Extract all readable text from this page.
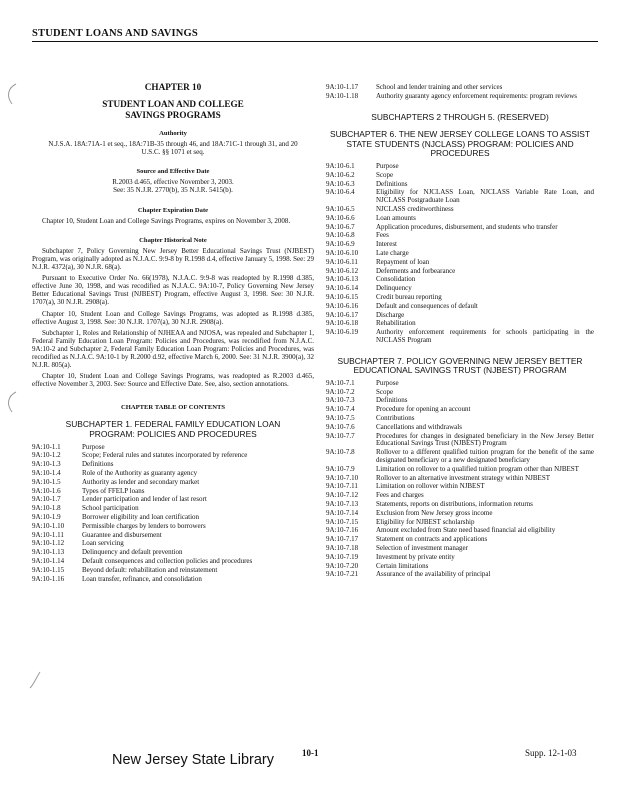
STUDENT LOANS AND SAVINGS
CHAPTER 10
STUDENT LOAN AND COLLEGE SAVINGS PROGRAMS
Authority

N.J.S.A. 18A:71A-1 et seq., 18A:71B-35 through 46, and 18A:71C-1 through 31, and 20 U.S.C. §§ 1071 et seq.

Source and Effective Date

R.2003 d.465, effective November 3, 2003.

See: 35 N.J.R. 2770(b), 35 N.J.R. 5415(b).

Chapter Expiration Date

Chapter 10, Student Loan and College Savings Programs, expires on November 3, 2008.

Chapter Historical Note

Subchapter 7, Policy Governing New Jersey Better Educational Savings Trust (NJBEST) Program, was originally adopted as N.J.A.C. 9:9-8 by R.1998 d.4, effective January 5, 1998. See: 29 N.J.R. 4372(a), 30 N.J.R. 68(a).

Pursuant to Executive Order No. 66(1978), N.J.A.C. 9:9-8 was readopted by R.1998 d.385, effective June 30, 1998, and was recodified as N.J.A.C. 9A:10-7, Policy Governing New Jersey Better Educational Savings Trust (NJBEST) Program, effective August 3, 1998. See: 30 N.J.R. 1707(a), 30 N.J.R. 2908(a).

Chapter 10, Student Loan and College Savings Programs, was adopted as R.1998 d.385, effective August 3, 1998. See: 30 N.J.R. 1707(a), 30 N.J.R. 2908(a).

Subchapter 1, Roles and Relationship of NJHEAA and NJOSA, was repealed and Subchapter 1, Federal Family Education Loan Program: Policies and Procedures, was recodified from N.J.A.C. 9A:10-2 and Subchapter 2, Federal Family Education Loan Program: Policies and Procedures, was recodified as N.J.A.C. 9A:10-1 by R.2000 d.92, effective March 6, 2000. See: 31 N.J.R. 3900(a), 32 N.J.R. 805(a).

Chapter 10, Student Loan and College Savings Programs, was readopted as R.2003 d.465, effective November 3, 2003. See: Source and Effective Date. See, also, section annotations.

CHAPTER TABLE OF CONTENTS
SUBCHAPTER 1. FEDERAL FAMILY EDUCATION LOAN PROGRAM: POLICIES AND PROCEDURES
9A:10-1.1	Purpose
9A:10-1.2	Scope; Federal rules and statutes incorporated by reference
9A:10-1.3	Definitions
9A:10-1.4	Role of the Authority as guaranty agency
9A:10-1.5	Authority as lender and secondary market
9A:10-1.6	Types of FFELP loans
9A:10-1.7	Lender participation and lender of last resort
9A:10-1.8	School participation
9A:10-1.9	Borrower eligibility and loan certification
9A:10-1.10	Permissible charges by lenders to borrowers
9A:10-1.11	Guarantee and disbursement
9A:10-1.12	Loan servicing
9A:10-1.13	Delinquency and default prevention
9A:10-1.14	Default consequences and collection policies and procedures
9A:10-1.15	Beyond default: rehabilitation and reinstatement
9A:10-1.16	Loan transfer, refinance, and consolidation
9A:10-1.17	School and lender training and other services
9A:10-1.18	Authority guaranty agency enforcement requirements: program reviews
SUBCHAPTERS 2 THROUGH 5. (RESERVED)
SUBCHAPTER 6. THE NEW JERSEY COLLEGE LOANS TO ASSIST STATE STUDENTS (NJCLASS) PROGRAM: POLICIES AND PROCEDURES
9A:10-6.1	Purpose
9A:10-6.2	Scope
9A:10-6.3	Definitions
9A:10-6.4	Eligibility for NJCLASS Loan, NJCLASS Variable Rate Loan, and NJCLASS Postgraduate Loan
9A:10-6.5	NJCLASS creditworthiness
9A:10-6.6	Loan amounts
9A:10-6.7	Application procedures, disbursement, and students who transfer
9A:10-6.8	Fees
9A:10-6.9	Interest
9A:10-6.10	Late charge
9A:10-6.11	Repayment of loan
9A:10-6.12	Deferments and forbearance
9A:10-6.13	Consolidation
9A:10-6.14	Delinquency
9A:10-6.15	Credit bureau reporting
9A:10-6.16	Default and consequences of default
9A:10-6.17	Discharge
9A:10-6.18	Rehabilitation
9A:10-6.19	Authority enforcement requirements for schools participating in the NJCLASS Program
SUBCHAPTER 7. POLICY GOVERNING NEW JERSEY BETTER EDUCATIONAL SAVINGS TRUST (NJBEST) PROGRAM
9A:10-7.1	Purpose
9A:10-7.2	Scope
9A:10-7.3	Definitions
9A:10-7.4	Procedure for opening an account
9A:10-7.5	Contributions
9A:10-7.6	Cancellations and withdrawals
9A:10-7.7	Procedures for changes in designated beneficiary in the New Jersey Better Educational Savings Trust (NJBEST) Program
9A:10-7.8	Rollover to a different qualified tuition program for the benefit of the same designated beneficiary or a new designated beneficiary
9A:10-7.9	Limitation on rollover to a qualified tuition program other than NJBEST
9A:10-7.10	Rollover to an alternative investment strategy within NJBEST
9A:10-7.11	Limitation on rollover within NJBEST
9A:10-7.12	Fees and charges
9A:10-7.13	Statements, reports on distributions, information returns
9A:10-7.14	Exclusion from New Jersey gross income
9A:10-7.15	Eligibility for NJBEST scholarship
9A:10-7.16	Amount excluded from State need based financial aid eligibility
9A:10-7.17	Statement on contracts and applications
9A:10-7.18	Selection of investment manager
9A:10-7.19	Investment by private entity
9A:10-7.20	Certain limitations
9A:10-7.21	Assurance of the availability of principal
New Jersey State Library	10-1	Supp. 12-1-03
